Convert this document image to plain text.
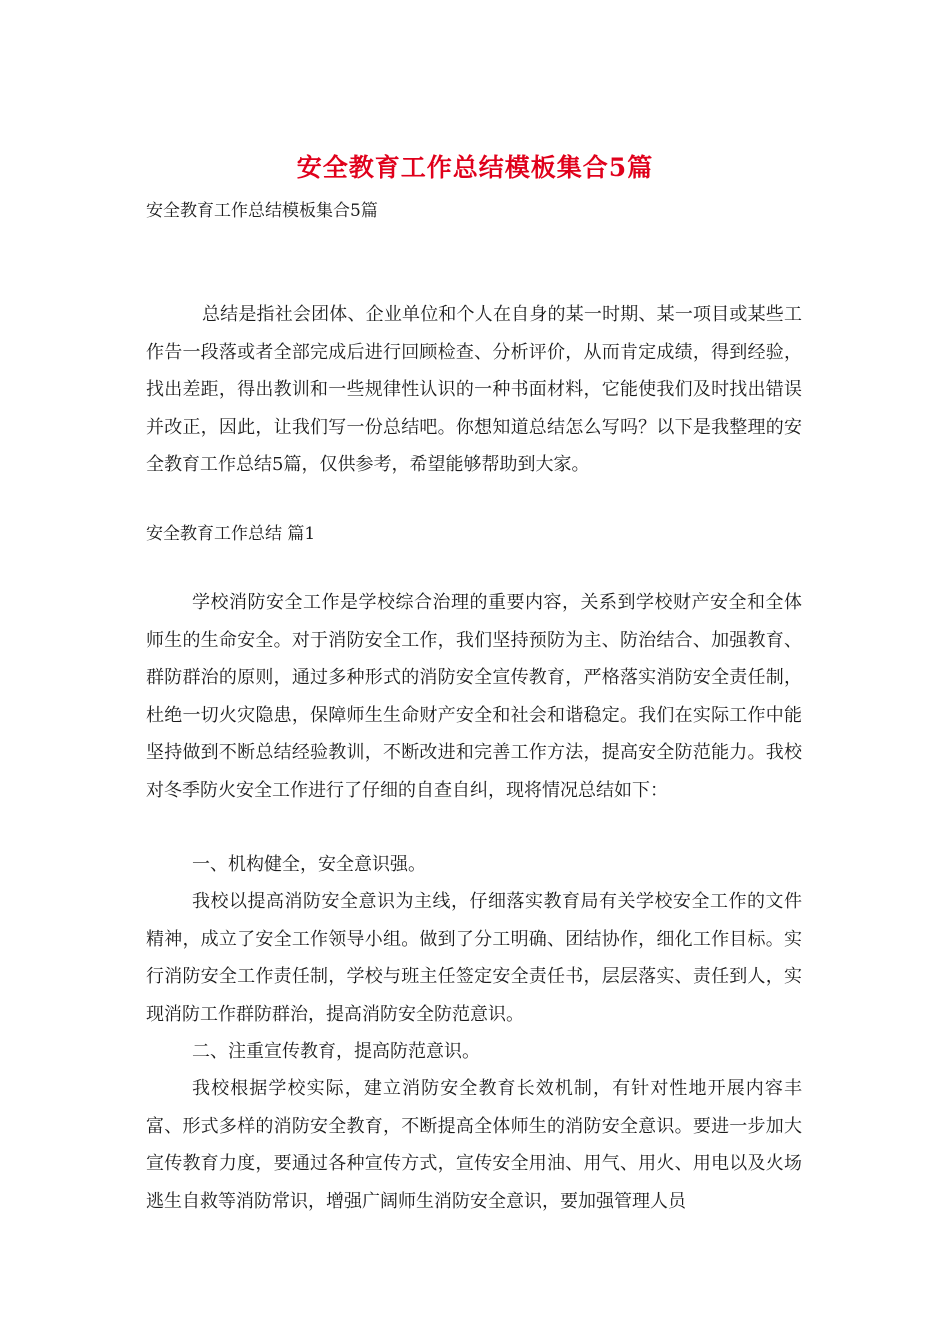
安全教育工作总结模板集合5篇
安全教育工作总结模板集合5篇

总结是指社会团体、企业单位和个人在自身的某一时期、某一项目或某些工作告一段落或者全部完成后进行回顾检查、分析评价，从而肯定成绩，得到经验，找出差距，得出教训和一些规律性认识的一种书面材料，它能使我们及时找出错误并改正，因此，让我们写一份总结吧。你想知道总结怎么写吗？以下是我整理的安全教育工作总结5篇，仅供参考，希望能够帮助到大家。

安全教育工作总结 篇1

学校消防安全工作是学校综合治理的重要内容，关系到学校财产安全和全体师生的生命安全。对于消防安全工作，我们坚持预防为主、防治结合、加强教育、群防群治的原则，通过多种形式的消防安全宣传教育，严格落实消防安全责任制，杜绝一切火灾隐患，保障师生生命财产安全和社会和谐稳定。我们在实际工作中能坚持做到不断总结经验教训，不断改进和完善工作方法，提高安全防范能力。我校对冬季防火安全工作进行了仔细的自查自纠，现将情况总结如下：

一、机构健全，安全意识强。

我校以提高消防安全意识为主线，仔细落实教育局有关学校安全工作的文件精神，成立了安全工作领导小组。做到了分工明确、团结协作，细化工作目标。实行消防安全工作责任制，学校与班主任签定安全责任书，层层落实、责任到人，实现消防工作群防群治，提高消防安全防范意识。

二、注重宣传教育，提高防范意识。

我校根据学校实际，建立消防安全教育长效机制，有针对性地开展内容丰富、形式多样的消防安全教育，不断提高全体师生的消防安全意识。要进一步加大宣传教育力度，要通过各种宣传方式，宣传安全用油、用气、用火、用电以及火场逃生自救等消防常识，增强广阔师生消防安全意识，要加强管理人员
